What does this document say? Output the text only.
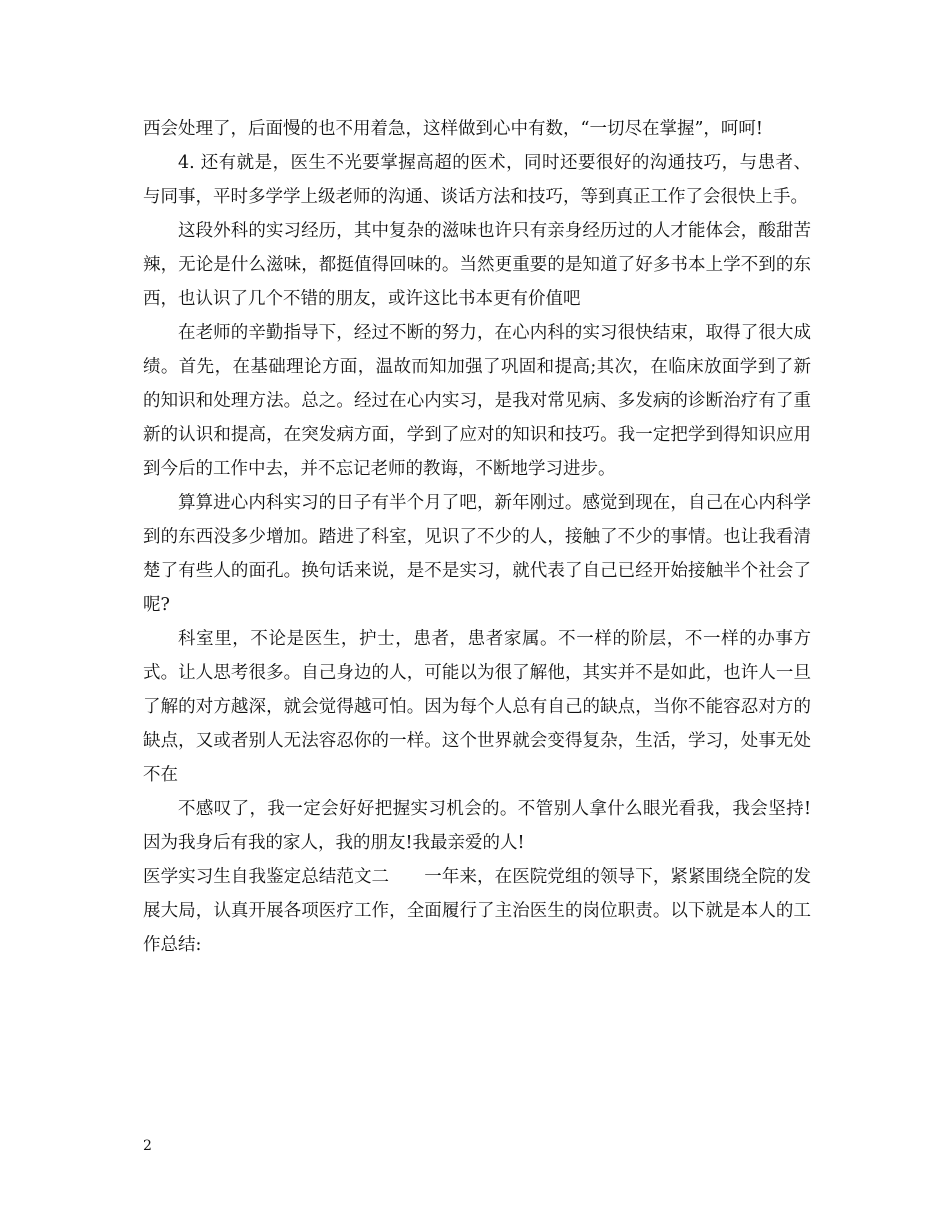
西会处理了，后面慢的也不用着急，这样做到心中有数，“一切尽在掌握”，呵呵!

4. 还有就是，医生不光要掌握高超的医术，同时还要很好的沟通技巧，与患者、与同事，平时多学学上级老师的沟通、谈话方法和技巧，等到真正工作了会很快上手。

这段外科的实习经历，其中复杂的滋味也许只有亲身经历过的人才能体会，酸甜苦辣，无论是什么滋味，都挺值得回味的。当然更重要的是知道了好多书本上学不到的东西，也认识了几个不错的朋友，或许这比书本更有价值吧

在老师的辛勤指导下，经过不断的努力，在心内科的实习很快结束，取得了很大成绩。首先，在基础理论方面，温故而知加强了巩固和提高;其次，在临床放面学到了新的知识和处理方法。总之。经过在心内实习，是我对常见病、多发病的诊断治疗有了重新的认识和提高，在突发病方面，学到了应对的知识和技巧。我一定把学到得知识应用到今后的工作中去，并不忘记老师的教诲，不断地学习进步。

算算进心内科实习的日子有半个月了吧，新年刚过。感觉到现在，自己在心内科学到的东西没多少增加。踏进了科室，见识了不少的人，接触了不少的事情。也让我看清楚了有些人的面孔。换句话来说，是不是实习，就代表了自己已经开始接触半个社会了呢?

科室里，不论是医生，护士，患者，患者家属。不一样的阶层，不一样的办事方式。让人思考很多。自己身边的人，可能以为很了解他，其实并不是如此，也许人一旦了解的对方越深，就会觉得越可怕。因为每个人总有自己的缺点，当你不能容忍对方的缺点，又或者别人无法容忍你的一样。这个世界就会变得复杂，生活，学习，处事无处不在

不感叹了，我一定会好好把握实习机会的。不管别人拿什么眼光看我，我会坚持!因为我身后有我的家人，我的朋友!我最亲爱的人!

医学实习生自我鉴定总结范文二　　一年来，在医院党组的领导下，紧紧围绕全院的发展大局，认真开展各项医疗工作，全面履行了主治医生的岗位职责。以下就是本人的工作总结:

2
